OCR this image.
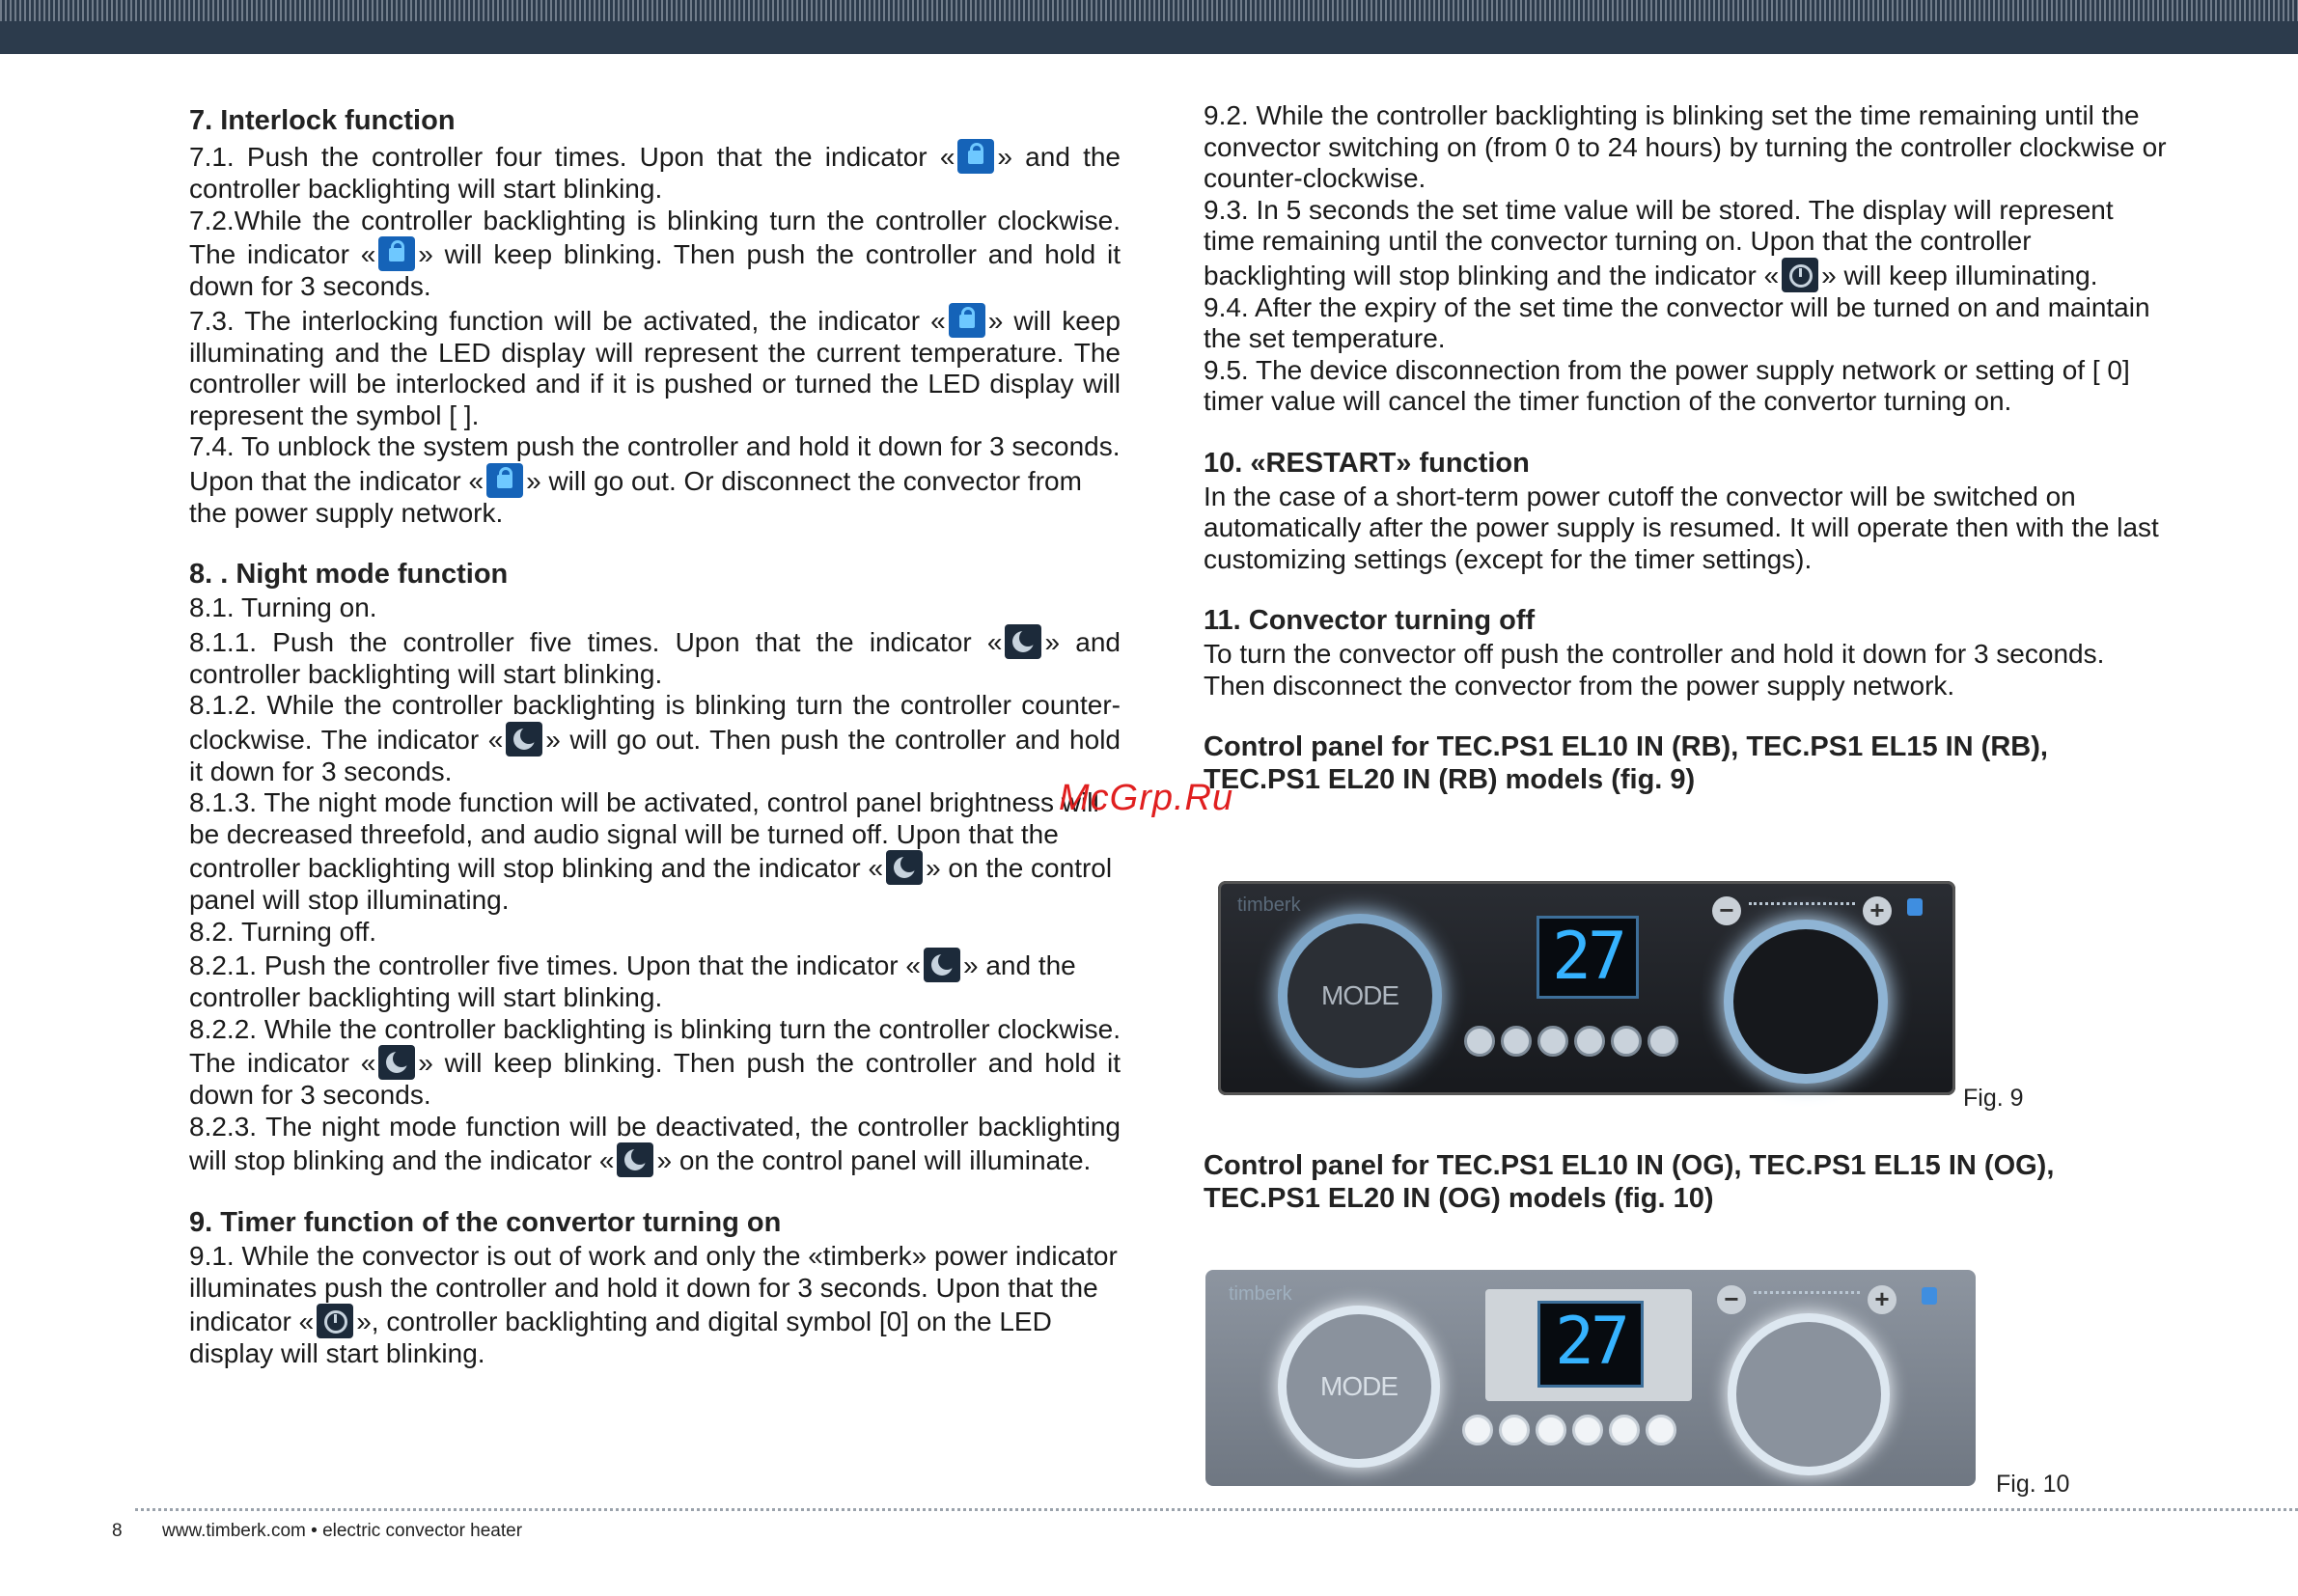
7. Interlock function

7.1. Push the controller four times. Upon that the indicator « » and the controller backlighting will start blinking.

7.2.While the controller backlighting is blinking turn the controller clockwise. The indicator « » will keep blinking. Then push the controller and hold it down for 3 seconds.

7.3. The interlocking function will be activated, the indicator « » will keep illuminating and the LED display will represent the current temperature. The controller will be interlocked and if it is pushed or turned the LED display will represent the symbol [ ].

7.4. To unblock the system push the controller and hold it down for 3 seconds. Upon that the indicator « » will go out. Or disconnect the convector from the power supply network.

8. . Night mode function

8.1. Turning on.

8.1.1. Push the controller five times. Upon that the indicator « » and controller backlighting will start blinking.

8.1.2. While the controller backlighting is blinking turn the controller counter-clockwise. The indicator « » will go out. Then push the controller and hold it down for 3 seconds.

8.1.3. The night mode function will be activated, control panel brightness will be decreased threefold, and audio signal will be turned off. Upon that the controller backlighting will stop blinking and the indicator « » on the control panel will stop illuminating.

8.2. Turning off.

8.2.1. Push the controller five times. Upon that the indicator « » and the controller backlighting will start blinking.

8.2.2. While the controller backlighting is blinking turn the controller clockwise. The indicator « » will keep blinking. Then push the controller and hold it down for 3 seconds.

8.2.3. The night mode function will be deactivated, the controller backlighting will stop blinking and the indicator « » on the control panel will illuminate.

9. Timer function of the convertor turning on

9.1. While the convector is out of work and only the «timberk» power indicator illuminates push the controller and hold it down for 3 seconds. Upon that the indicator « », controller backlighting and digital symbol [0] on the LED display will start blinking.

9.2. While the controller backlighting is blinking set the time remaining until the convector switching on (from 0 to 24 hours) by turning the controller clockwise or counter-clockwise.

9.3. In 5 seconds the set time value will be stored. The display will represent time remaining until the convector turning on. Upon that the controller backlighting will stop blinking and the indicator « » will keep illuminating.

9.4. After the expiry of the set time the convector will be turned on and maintain the set temperature.

9.5. The device disconnection from the power supply network or setting of [ 0] timer value will cancel the timer function of the convertor turning on.

10. «RESTART» function

In the case of a short-term power cutoff the convector will be switched on automatically after the power supply is resumed. It will operate then with the last customizing settings (except for the timer settings).

11. Convector turning off

To turn the convector off push the controller and hold it down for 3 seconds. Then disconnect the convector from the power supply network.

Control panel for TEC.PS1 EL10 IN (RB), TEC.PS1 EL15 IN (RB), TEC.PS1 EL20 IN (RB) models (fig. 9)
timberk
MODE
27
−	+
Fig. 9
Control panel for TEC.PS1 EL10 IN (OG), TEC.PS1 EL15 IN (OG), TEC.PS1 EL20 IN (OG) models (fig. 10)
timberk
MODE
27
−	+
Fig. 10
McGrp.Ru
8 www.timberk.com • electric convector heater
